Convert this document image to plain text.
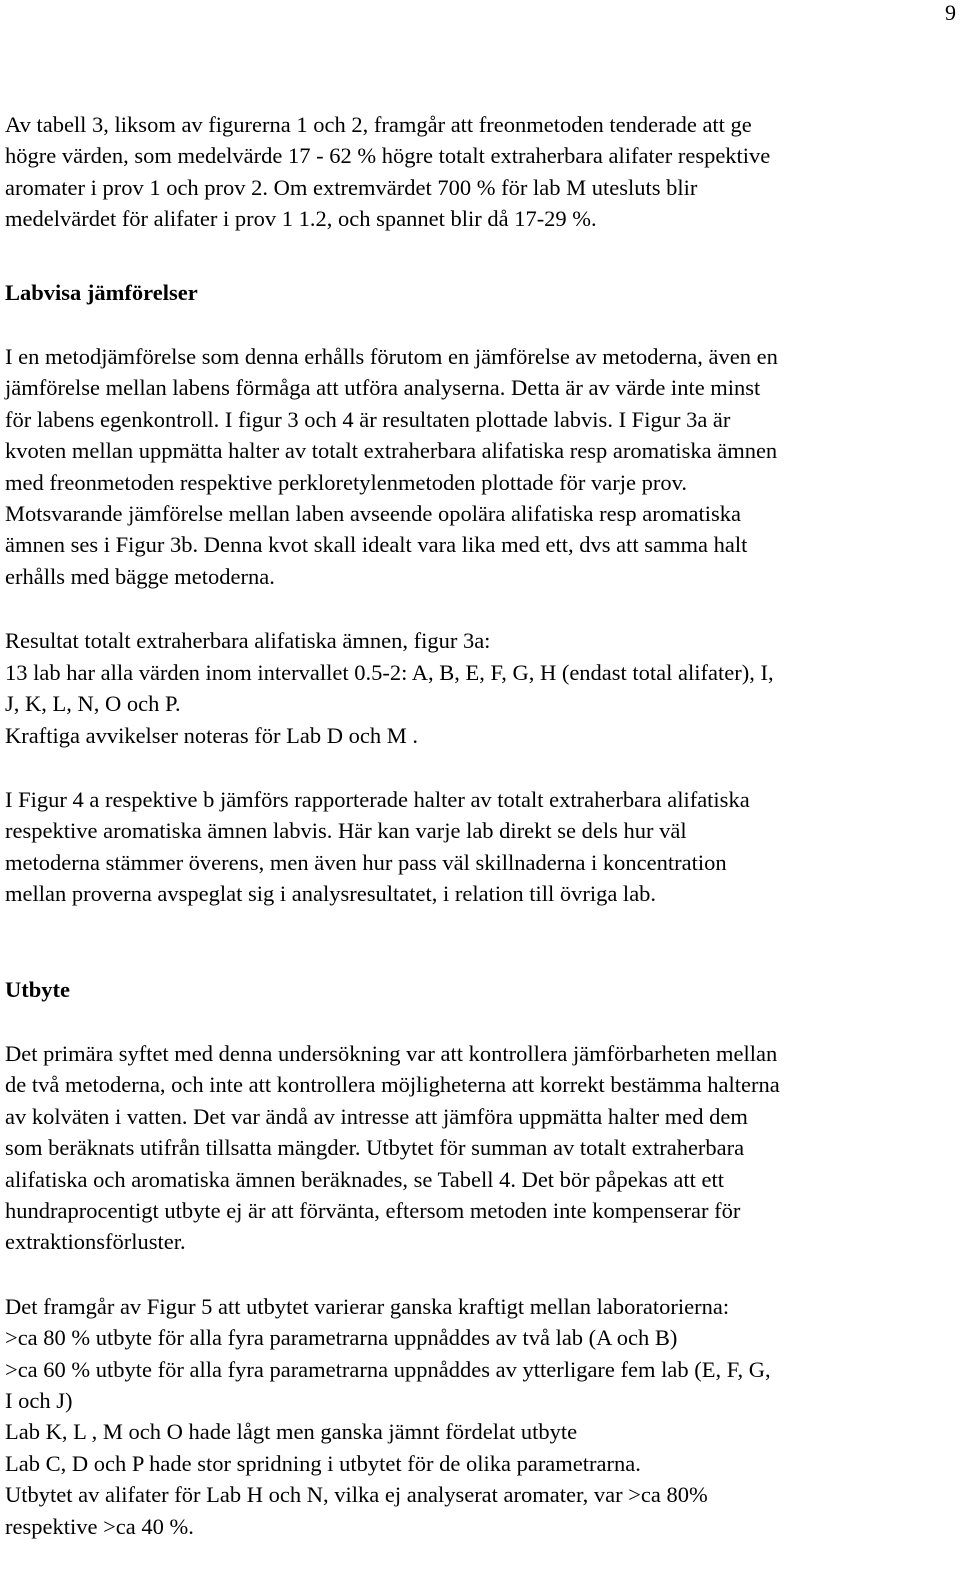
9
Av tabell 3, liksom av figurerna 1 och 2, framgår att freonmetoden tenderade att ge
högre värden, som medelvärde 17 - 62 % högre totalt extraherbara alifater respektive
aromater i prov 1 och prov 2. Om extremvärdet 700 % för lab M utesluts blir
medelvärdet för alifater i prov 1 1.2, och spannet blir då 17-29 %.
Labvisa jämförelser
I en metodjämförelse som denna erhålls förutom en jämförelse av metoderna, även en
jämförelse mellan labens förmåga att utföra analyserna. Detta är av värde inte minst
för labens egenkontroll. I figur 3 och 4 är resultaten plottade labvis. I Figur 3a är
kvoten mellan uppmätta halter av totalt extraherbara alifatiska resp aromatiska ämnen
med freonmetoden respektive perkloretylenmetoden plottade för varje prov.
Motsvarande jämförelse mellan laben avseende opolära alifatiska resp aromatiska
ämnen ses i Figur 3b. Denna kvot skall idealt vara lika med ett, dvs att samma halt
erhålls med bägge metoderna.
Resultat totalt extraherbara alifatiska ämnen, figur 3a:
13 lab har alla värden inom intervallet 0.5-2: A, B, E, F, G, H (endast total alifater), I,
J, K, L, N, O och P.
Kraftiga avvikelser noteras för Lab D och M .
I Figur 4 a respektive b jämförs rapporterade halter av totalt extraherbara alifatiska
respektive aromatiska ämnen labvis. Här kan varje lab direkt se dels hur väl
metoderna stämmer överens, men även hur pass väl skillnaderna i koncentration
mellan proverna avspeglat sig i analysresultatet, i relation till övriga lab.
Utbyte
Det primära syftet med denna undersökning var att kontrollera jämförbarheten mellan
de två metoderna, och inte att kontrollera möjligheterna att korrekt bestämma halterna
av kolväten i vatten. Det var ändå av intresse att jämföra uppmätta halter med dem
som beräknats utifrån tillsatta mängder. Utbytet för summan av totalt extraherbara
alifatiska och aromatiska ämnen beräknades, se Tabell 4. Det bör påpekas att ett
hundraprocentigt utbyte ej är att förvänta, eftersom metoden inte kompenserar för
extraktionsförluster.
Det framgår av Figur 5 att utbytet varierar ganska kraftigt mellan laboratorierna:
>ca 80 % utbyte för alla fyra parametrarna uppnåddes av två lab (A och B)
>ca 60 % utbyte för alla fyra parametrarna uppnåddes av ytterligare fem lab (E, F, G,
I och J)
Lab K, L , M och O hade lågt men ganska jämnt fördelat utbyte
Lab C, D och P hade stor spridning i utbytet för de olika parametrarna.
Utbytet av alifater för Lab H och N, vilka ej analyserat aromater, var >ca 80%
respektive >ca 40 %.
